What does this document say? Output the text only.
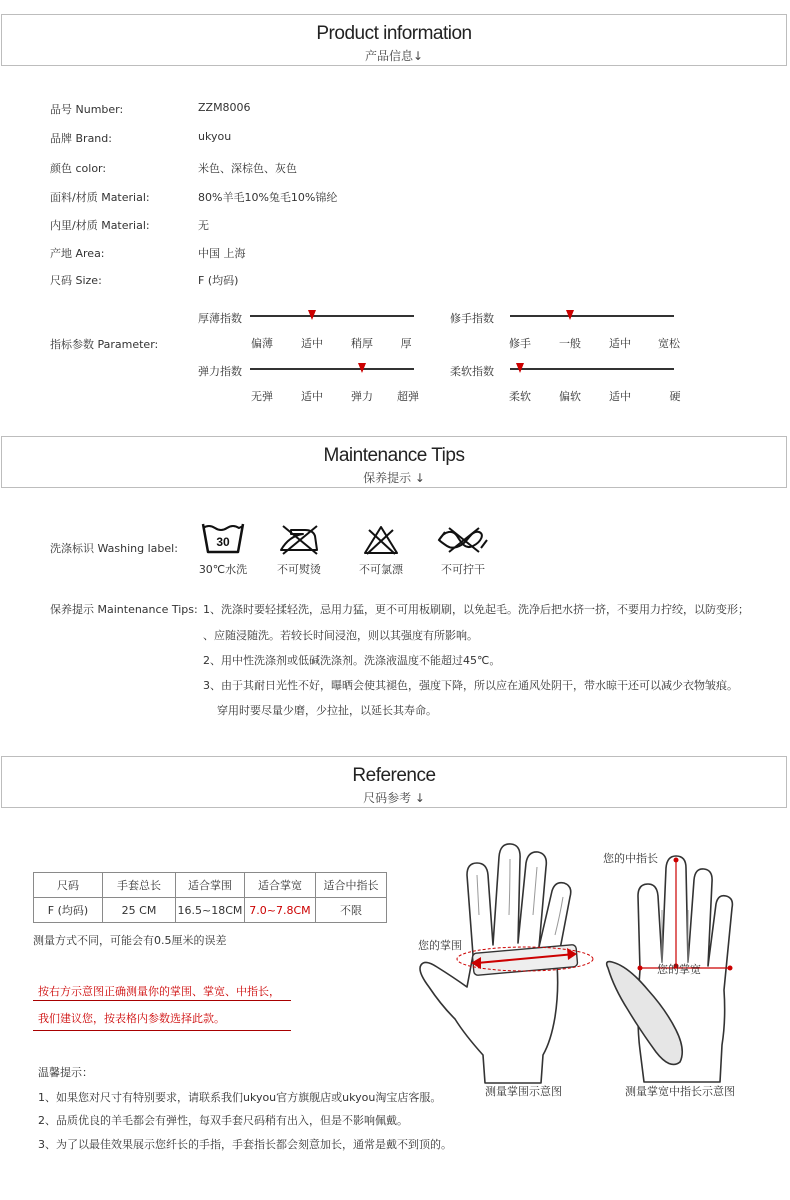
Product information
产品信息↓
品号 Number:	ZZM8006
品牌 Brand:	ukyou
颜色 color:	米色、深棕色、灰色
面料/材质 Material:	80%羊毛10%兔毛10%锦纶
内里/材质 Material:	无
产地 Area:	中国 上海
尺码 Size:	F (均码)
指标参数 Parameter:
厚薄指数
偏薄	适中	稍厚	厚
修手指数
修手	一般	适中 宽松
弹力指数
无弹	适中	弹力 超弹
柔软指数
柔软	偏软	适中	硬
Maintenance Tips
保养提示 ↓
洗涤标识 Washing label:	30
30℃水洗	不可熨烫	不可氯漂	不可拧干
保养提示 Maintenance Tips: 1、洗涤时要轻揉轻洗，忌用力猛，更不可用板刷刷，以免起毛。洗净后把水挤一挤，不要用力拧绞，以防变形；
、应随浸随洗。若较长时间浸泡，则以其强度有所影响。
2、用中性洗涤剂或低碱洗涤剂。洗涤液温度不能超过45℃。
3、由于其耐日光性不好，曝晒会使其褪色，强度下降，所以应在通风处阴干，带水晾干还可以减少衣物皱痕。
穿用时要尽量少磨，少拉扯，以延长其寿命。
Reference
尺码参考 ↓
尺码	手套总长	适合掌围	适合掌宽	适合中指长
F (均码)	25 CM	16.5~18CM	7.0~7.8CM	不限
测量方式不同，可能会有0.5厘米的误差
按右方示意图正确测量你的掌围、掌宽、中指长，
我们建议您，按表格内参数选择此款。
温馨提示：
1、如果您对尺寸有特别要求，请联系我们ukyou官方旗舰店或ukyou淘宝店客服。
2、品质优良的羊毛都会有弹性，每双手套尺码稍有出入，但是不影响佩戴。
3、为了以最佳效果展示您纤长的手指，手套指长都会刻意加长，通常是戴不到顶的。
您的掌围
测量掌围示意图
您的中指长
您的掌宽
测量掌宽中指长示意图
